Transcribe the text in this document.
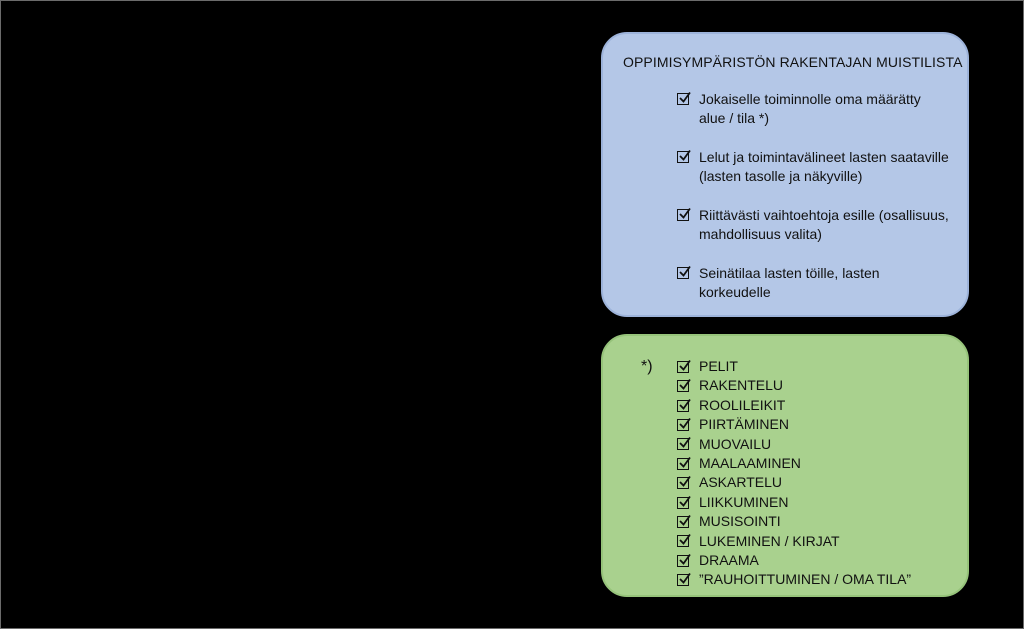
OPPIMISYMPÄRISTÖN RAKENTAJAN MUISTILISTA
Jokaiselle toiminnolle oma määrätty alue / tila *)
Lelut ja toimintavälineet lasten saataville (lasten tasolle ja näkyville)
Riittävästi vaihtoehtoja esille (osallisuus, mahdollisuus valita)
Seinätilaa lasten töille, lasten korkeudelle
*)	PELIT
RAKENTELU
ROOLILEIKIT
PIIRTÄMINEN
MUOVAILU
MAALAAMINEN
ASKARTELU
LIIKKUMINEN
MUSISOINTI
LUKEMINEN / KIRJAT
DRAAMA
”RAUHOITTUMINEN / OMA TILA”
